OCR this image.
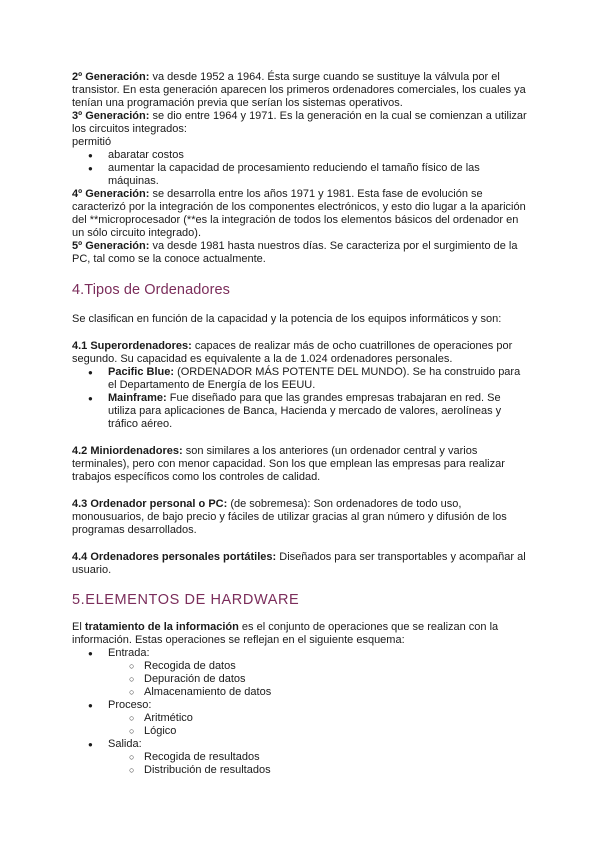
2º Generación: va desde 1952 a 1964. Ésta surge cuando se sustituye la válvula por el transistor. En esta generación aparecen los primeros ordenadores comerciales, los cuales ya tenían una programación previa que serían los sistemas operativos.

3º Generación: se dio entre 1964 y 1971. Es la generación en la cual se comienzan a utilizar los circuitos integrados:

permitió

● abaratar costos
● aumentar la capacidad de procesamiento reduciendo el tamaño físico de las máquinas.

4º Generación: se desarrolla entre los años 1971 y 1981. Esta fase de evolución se caracterizó por la integración de los componentes electrónicos, y esto dio lugar a la aparición del **microprocesador (**es la integración de todos los elementos básicos del ordenador en un sólo circuito integrado).

5º Generación: va desde 1981 hasta nuestros días. Se caracteriza por el surgimiento de la PC, tal como se la conoce actualmente.

4.Tipos de Ordenadores

Se clasifican en función de la capacidad y la potencia de los equipos informáticos y son:

4.1 Superordenadores: capaces de realizar más de ocho cuatrillones de operaciones por segundo. Su capacidad es equivalente a la de 1.024 ordenadores personales.

● Pacific Blue: (ORDENADOR MÁS POTENTE DEL MUNDO). Se ha construido para el Departamento de Energía de los EEUU.
● Mainframe: Fue diseñado para que las grandes empresas trabajaran en red. Se utiliza para aplicaciones de Banca, Hacienda y mercado de valores, aerolíneas y tráfico aéreo.

4.2 Miniordenadores: son similares a los anteriores (un ordenador central y varios terminales), pero con menor capacidad. Son los que emplean las empresas para realizar trabajos específicos como los controles de calidad.

4.3 Ordenador personal o PC: (de sobremesa): Son ordenadores de todo uso, monousuarios, de bajo precio y fáciles de utilizar gracias al gran número y difusión de los programas desarrollados.

4.4 Ordenadores personales portátiles: Diseñados para ser transportables y acompañar al usuario.

5.ELEMENTOS DE HARDWARE

El tratamiento de la información es el conjunto de operaciones que se realizan con la información. Estas operaciones se reflejan en el siguiente esquema:

● Entrada:
○ Recogida de datos
○ Depuración de datos
○ Almacenamiento de datos
● Proceso:
○ Aritmético
○ Lógico
● Salida:
○ Recogida de resultados
○ Distribución de resultados
